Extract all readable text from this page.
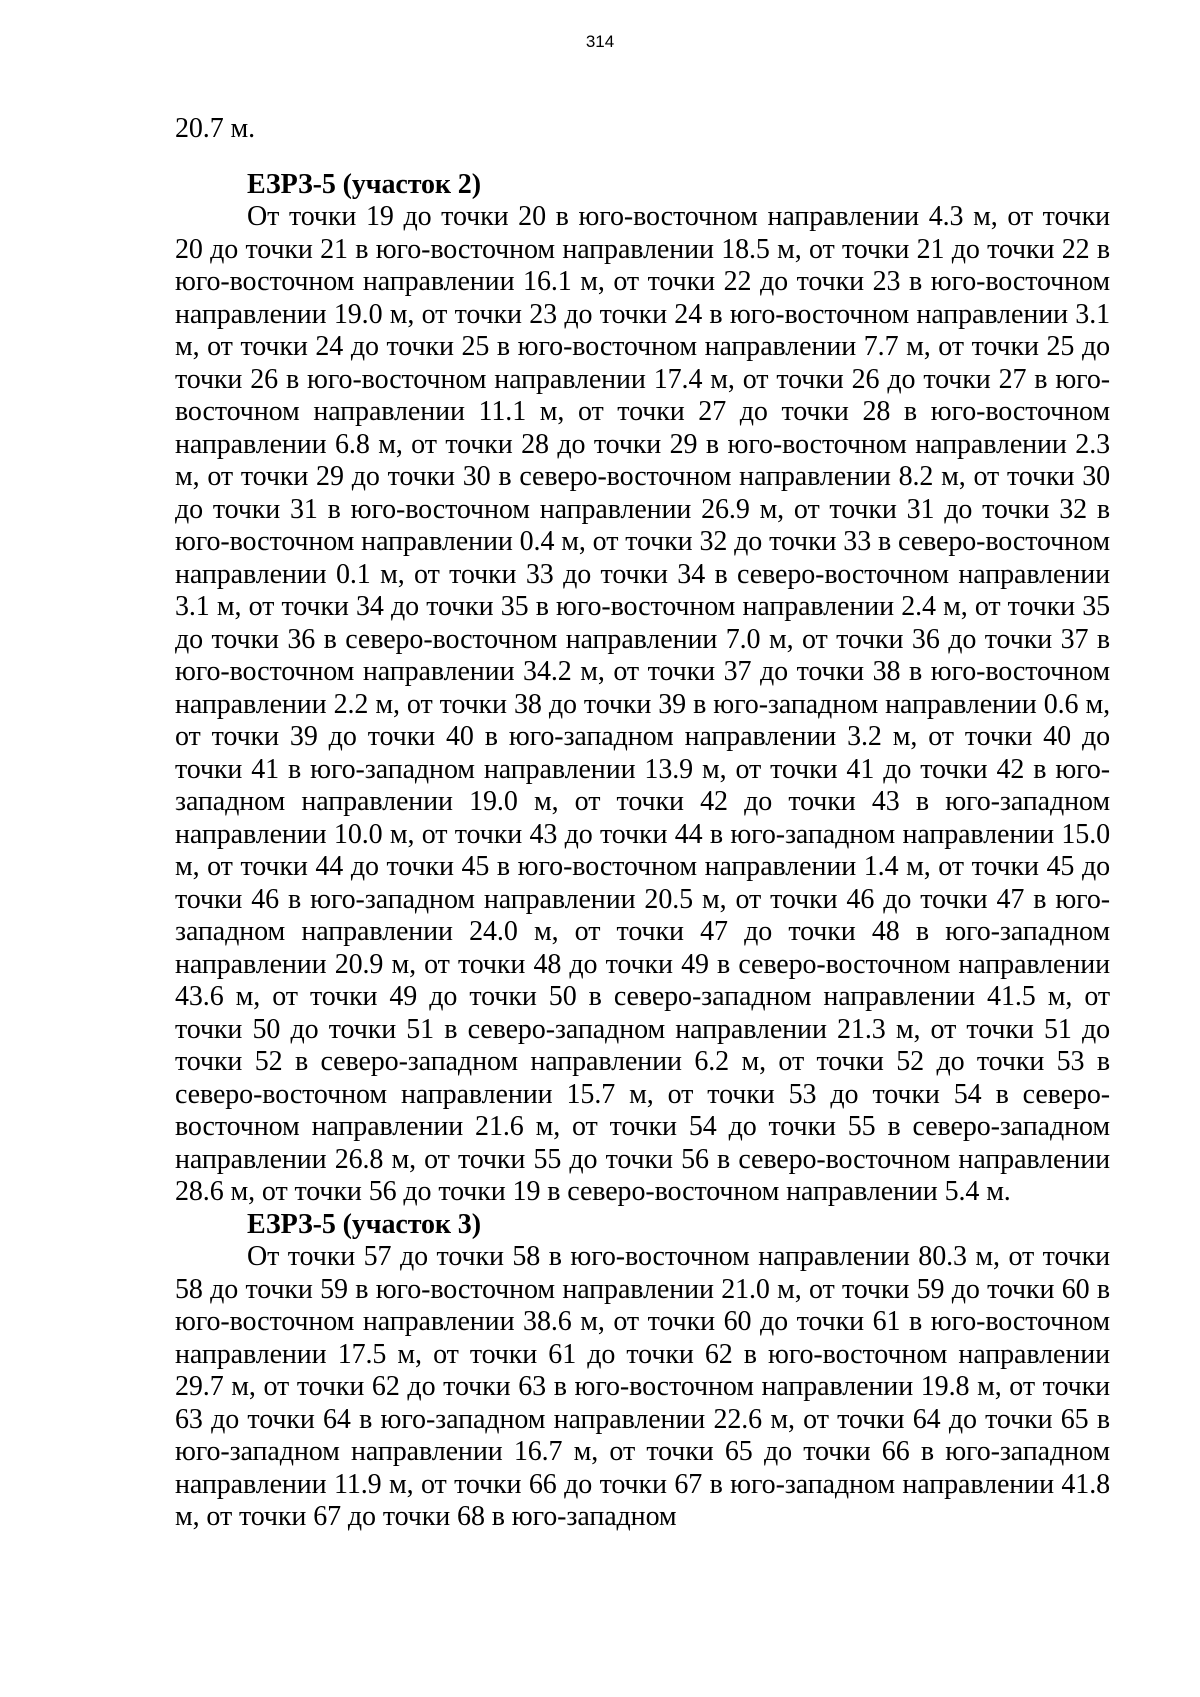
314

20.7 м.

ЕЗРЗ-5 (участок 2)

От точки 19 до точки 20 в юго-восточном направлении 4.3 м, от точки 20 до точки 21 в юго-восточном направлении 18.5 м, от точки 21 до точки 22 в юго-восточном направлении 16.1 м, от точки 22 до точки 23 в юго-восточном направлении 19.0 м, от точки 23 до точки 24 в юго-восточном направлении 3.1 м, от точки 24 до точки 25 в юго-восточном направлении 7.7 м, от точки 25 до точки 26 в юго-восточном направлении 17.4 м, от точки 26 до точки 27 в юго-восточном направлении 11.1 м, от точки 27 до точки 28 в юго-восточном направлении 6.8 м, от точки 28 до точки 29 в юго-восточном направлении 2.3 м, от точки 29 до точки 30 в северо-восточном направлении 8.2 м, от точки 30 до точки 31 в юго-восточном направлении 26.9 м, от точки 31 до точки 32 в юго-восточном направлении 0.4 м, от точки 32 до точки 33 в северо-восточном направлении 0.1 м, от точки 33 до точки 34 в северо-восточном направлении 3.1 м, от точки 34 до точки 35 в юго-восточном направлении 2.4 м, от точки 35 до точки 36 в северо-восточном направлении 7.0 м, от точки 36 до точки 37 в юго-восточном направлении 34.2 м, от точки 37 до точки 38 в юго-восточном направлении 2.2 м, от точки 38 до точки 39 в юго-западном направлении 0.6 м, от точки 39 до точки 40 в юго-западном направлении 3.2 м, от точки 40 до точки 41 в юго-западном направлении 13.9 м, от точки 41 до точки 42 в юго-западном направлении 19.0 м, от точки 42 до точки 43 в юго-западном направлении 10.0 м, от точки 43 до точки 44 в юго-западном направлении 15.0 м, от точки 44 до точки 45 в юго-восточном направлении 1.4 м, от точки 45 до точки 46 в юго-западном направлении 20.5 м, от точки 46 до точки 47 в юго-западном направлении 24.0 м, от точки 47 до точки 48 в юго-западном направлении 20.9 м, от точки 48 до точки 49 в северо-восточном направлении 43.6 м, от точки 49 до точки 50 в северо-западном направлении 41.5 м, от точки 50 до точки 51 в северо-западном направлении 21.3 м, от точки 51 до точки 52 в северо-западном направлении 6.2 м, от точки 52 до точки 53 в северо-восточном направлении 15.7 м, от точки 53 до точки 54 в северо-восточном направлении 21.6 м, от точки 54 до точки 55 в северо-западном направлении 26.8 м, от точки 55 до точки 56 в северо-восточном направлении 28.6 м, от точки 56 до точки 19 в северо-восточном направлении 5.4 м.

ЕЗРЗ-5 (участок 3)

От точки 57 до точки 58 в юго-восточном направлении 80.3 м, от точки 58 до точки 59 в юго-восточном направлении 21.0 м, от точки 59 до точки 60 в юго-восточном направлении 38.6 м, от точки 60 до точки 61 в юго-восточном направлении 17.5 м, от точки 61 до точки 62 в юго-восточном направлении 29.7 м, от точки 62 до точки 63 в юго-восточном направлении 19.8 м, от точки 63 до точки 64 в юго-западном направлении 22.6 м, от точки 64 до точки 65 в юго-западном направлении 16.7 м, от точки 65 до точки 66 в юго-западном направлении 11.9 м, от точки 66 до точки 67 в юго-западном направлении 41.8 м, от точки 67 до точки 68 в юго-западном
